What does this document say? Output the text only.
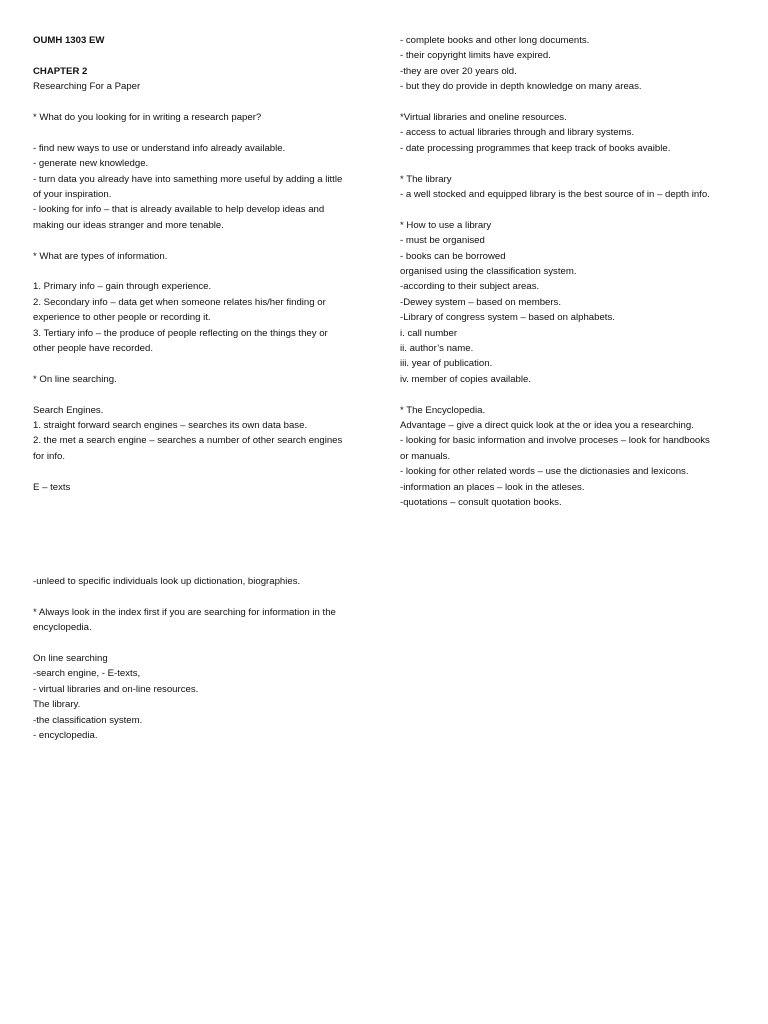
OUMH 1303 EW
CHAPTER 2
Researching For a Paper
* What do you looking for in writing a research paper?
- find new ways to use or understand info already available.
- generate new knowledge.
- turn data you already have into samething more useful by adding a little
of your inspiration.
- looking for info – that is already available to help develop ideas and
making our ideas stranger and more tenable.
* What are types of information.
1. Primary info – gain through experience.
2. Secondary info – data get when someone relates his/her finding or
experience to other people or recording it.
3. Tertiary info – the produce of people reflecting on the things they or
other people have recorded.
* On line searching.
Search Engines.
1. straight forward search engines – searches its own data base.
2. the met a search engine – searches a number of other search engines
for info.
E – texts
-unleed to specific individuals look up dictionation, biographies.
* Always look in the index first if you are searching for information in the
encyclopedia.
On line searching
-search engine, - E-texts,
- virtual libraries and on-line resources.
The library.
-the classification system.
- encyclopedia.
- complete books and other long documents.
- their copyright limits have expired.
-they are over 20 years old.
- but they do provide in depth knowledge on many areas.
*Virtual libraries and oneline resources.
- access to actual libraries through and library systems.
- date processing programmes that keep track of books avaible.
* The library
- a well stocked and equipped library is the best source of in – depth info.
* How to use a library
- must be organised
- books can be borrowed
organised using the classification system.
-according to their subject areas.
-Dewey system – based on members.
-Library of congress system – based on alphabets.
i. call number
ii. author’s name.
iii. year of publication.
iv. member of copies available.
* The Encyclopedia.
Advantage – give a direct quick look at the or idea you a researching.
- looking for basic information and involve proceses – look for handbooks
or manuals.
- looking for other related words – use the dictionasies and lexicons.
-information an places – look in the atleses.
-quotations – consult quotation books.
